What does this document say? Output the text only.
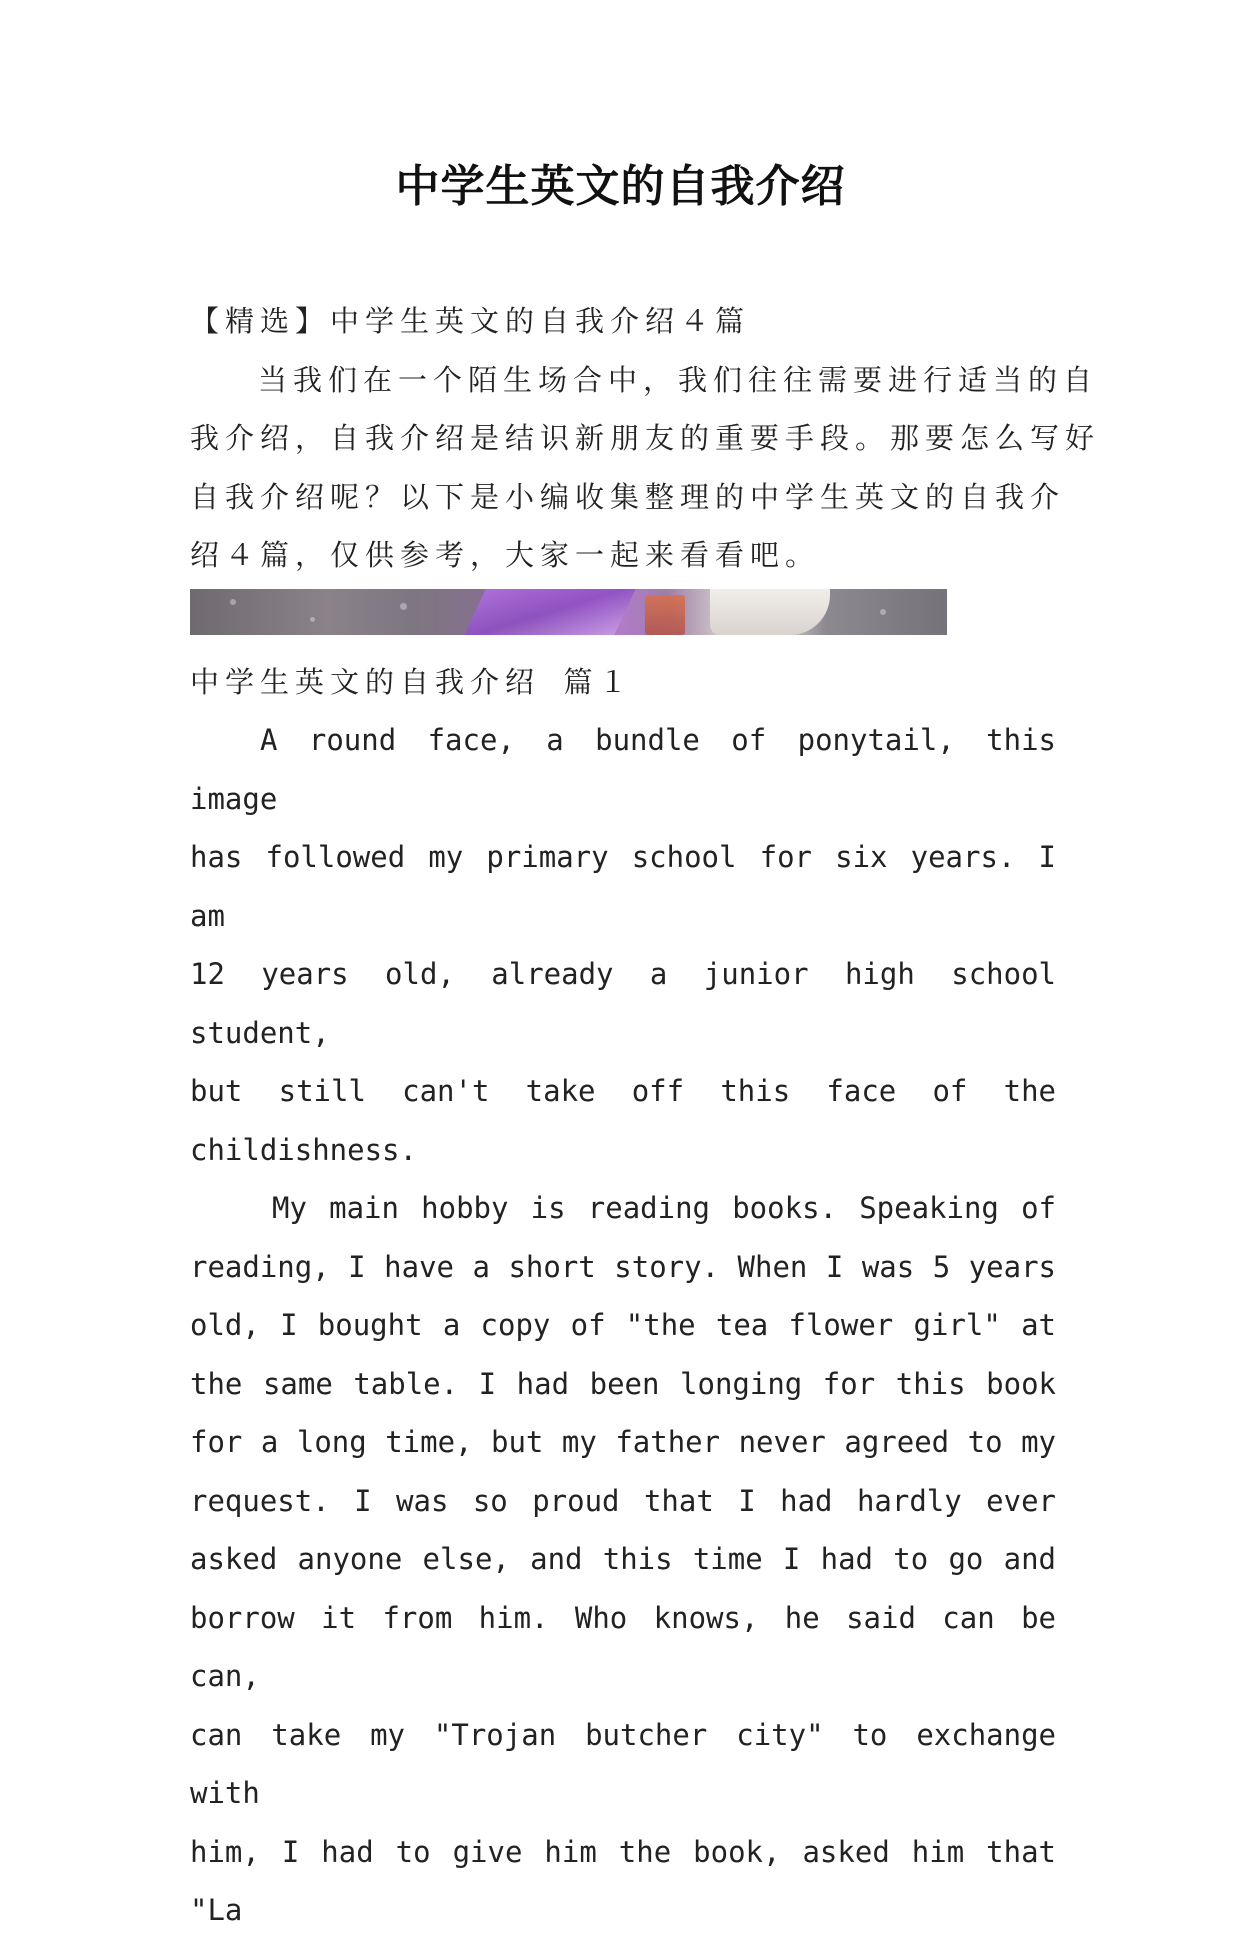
中学生英文的自我介绍
【精选】中学生英文的自我介绍４篇
当我们在一个陌生场合中，我们往往需要进行适当的自
我介绍，自我介绍是结识新朋友的重要手段。那要怎么写好
自我介绍呢？以下是小编收集整理的中学生英文的自我介
绍４篇，仅供参考，大家一起来看看吧。
中学生英文的自我介绍 篇１
A round face, a bundle of ponytail, this image
has followed my primary school for six years. I am
12 years old, already a junior high school student,
but still can't take off this face of the
childishness.
My main hobby is reading books. Speaking of
reading, I have a short story. When I was 5 years
old, I bought a copy of "the tea flower girl" at
the same table. I had been longing for this book
for a long time, but my father never agreed to my
request. I was so proud that I had hardly ever
asked anyone else, and this time I had to go and
borrow it from him. Who knows, he said can be can,
can take my "Trojan butcher city" to exchange with
him, I had to give him the book, asked him that "La
